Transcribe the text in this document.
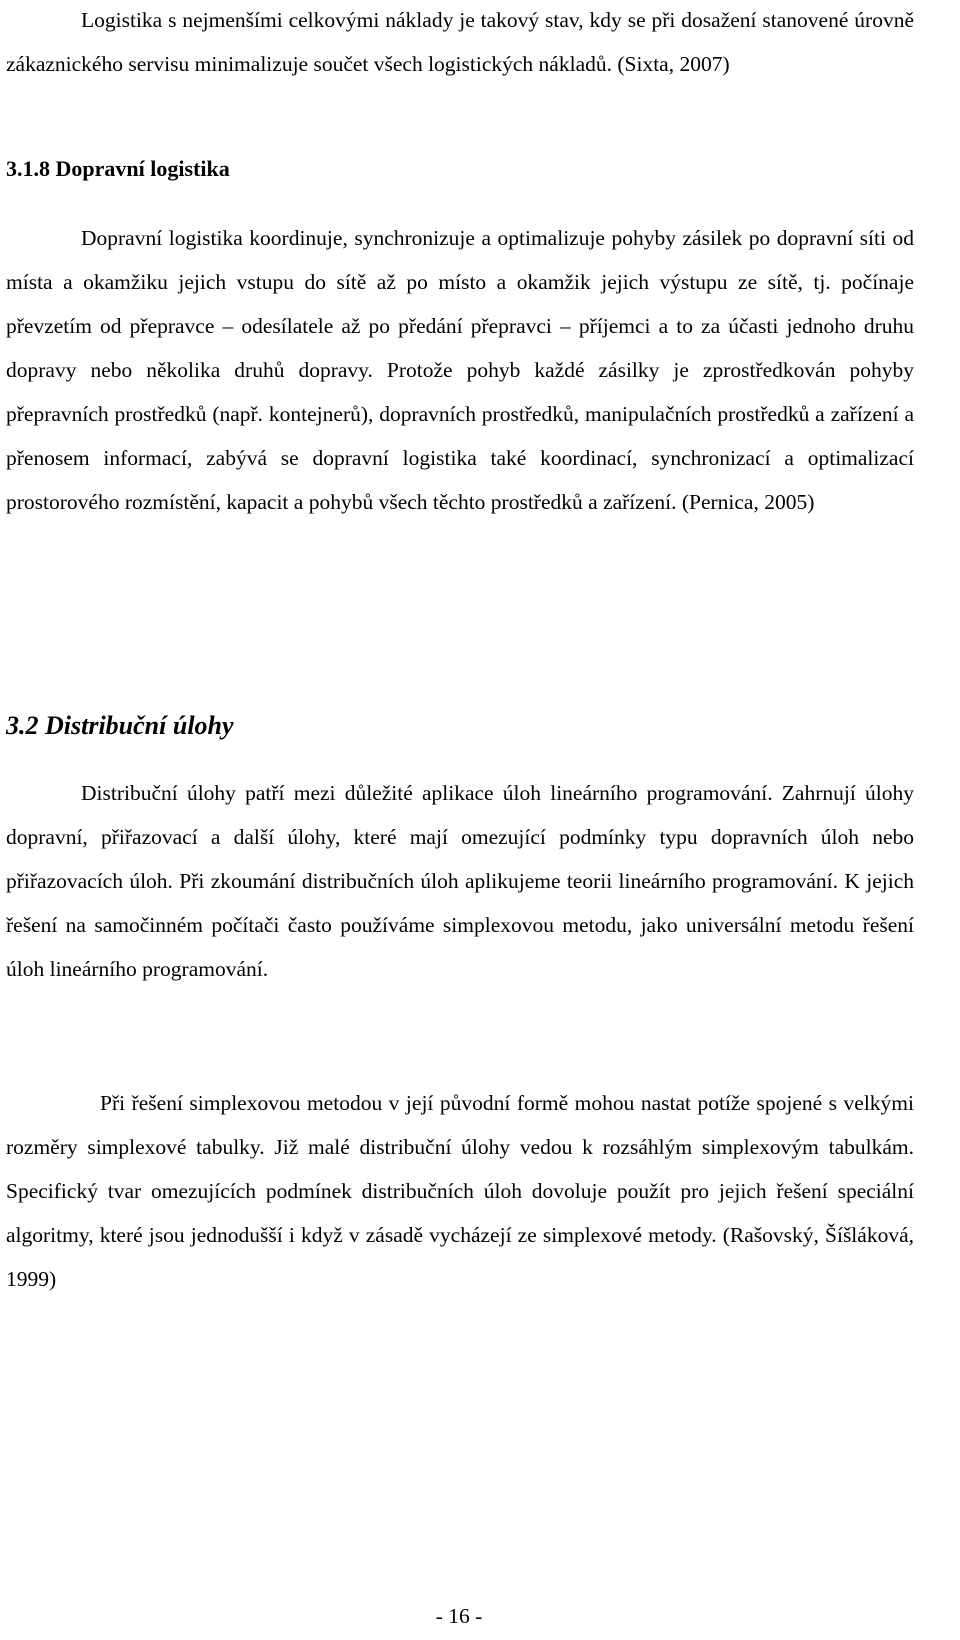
Logistika s nejmenšími celkovými náklady je takový stav, kdy se při dosažení stanovené úrovně zákaznického servisu minimalizuje součet všech logistických nákladů. (Sixta, 2007)

3.1.8 Dopravní logistika

Dopravní logistika koordinuje, synchronizuje a optimalizuje pohyby zásilek po dopravní síti od místa a okamžiku jejich vstupu do sítě až po místo a okamžik jejich výstupu ze sítě, tj. počínaje převzetím od přepravce – odesílatele až po předání přepravci – příjemci a to za účasti jednoho druhu dopravy nebo několika druhů dopravy. Protože pohyb každé zásilky je zprostředkován pohyby přepravních prostředků (např. kontejnerů), dopravních prostředků, manipulačních prostředků a zařízení a přenosem informací, zabývá se dopravní logistika také koordinací, synchronizací a optimalizací prostorového rozmístění, kapacit a pohybů všech těchto prostředků a zařízení. (Pernica, 2005)

3.2 Distribuční úlohy

Distribuční úlohy patří mezi důležité aplikace úloh lineárního programování. Zahrnují úlohy dopravní, přiřazovací a další úlohy, které mají omezující podmínky typu dopravních úloh nebo přiřazovacích úloh. Při zkoumání distribučních úloh aplikujeme teorii lineárního programování. K jejich řešení na samočinném počítači často používáme simplexovou metodu, jako universální metodu řešení úloh lineárního programování.

Při řešení simplexovou metodou v její původní formě mohou nastat potíže spojené s velkými rozměry simplexové tabulky. Již malé distribuční úlohy vedou k rozsáhlým simplexovým tabulkám. Specifický tvar omezujících podmínek distribučních úloh dovoluje použít pro jejich řešení speciální algoritmy, které jsou jednodušší i když v zásadě vycházejí ze simplexové metody. (Rašovský, Šíšláková, 1999)

- 16 -
